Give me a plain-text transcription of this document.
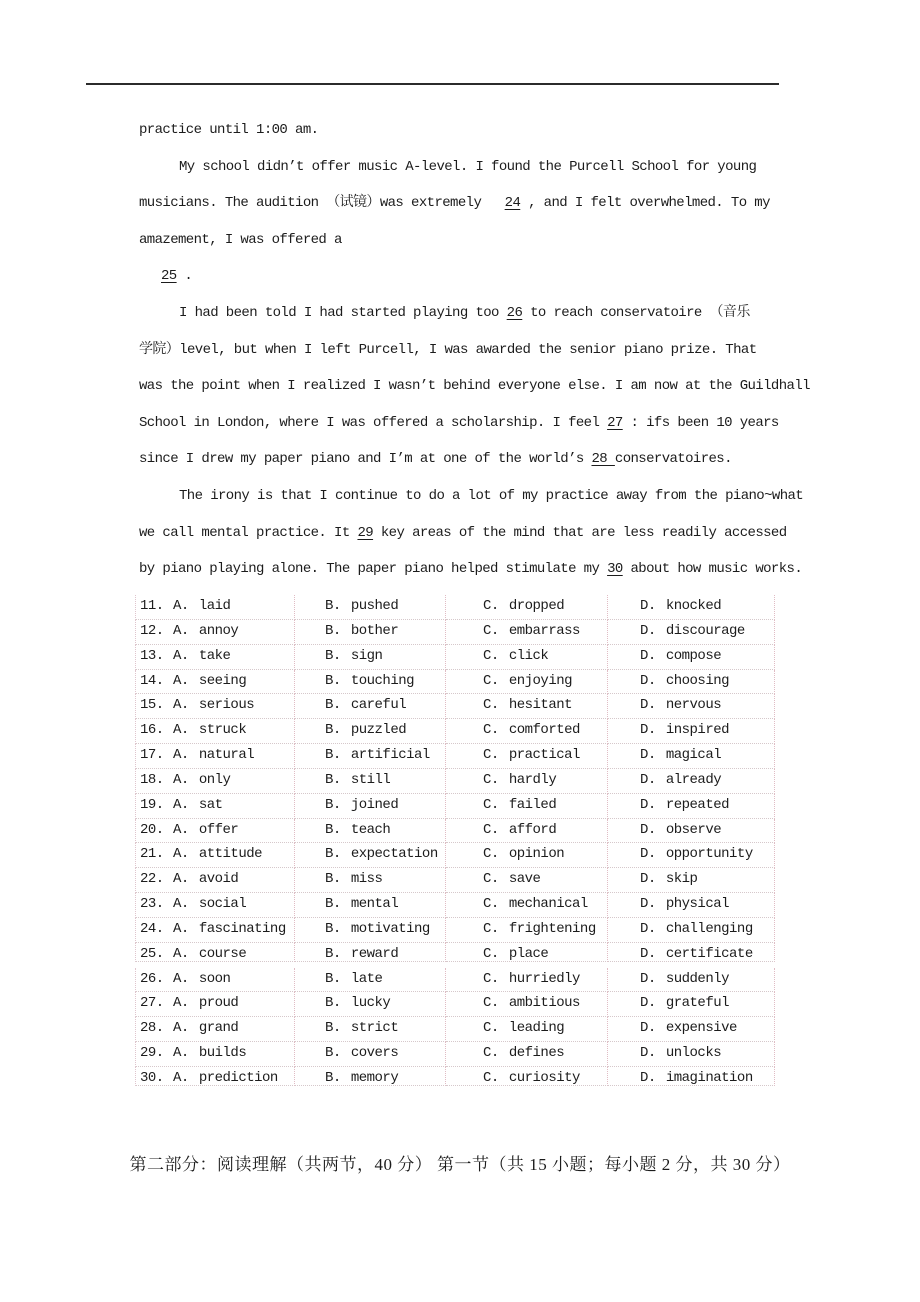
practice until 1:00 am.
My school didn’t offer music A-level. I found the Purcell School for young
musicians. The audition （试镜）was extremely   24 , and I felt overwhelmed. To my
amazement, I was offered a
25 .
I had been told I had started playing too 26 to reach conservatoire （音乐
学院）level, but when I left Purcell, I was awarded the senior piano prize. That
was the point when I realized I wasn’t behind everyone else. I am now at the Guildhall
School in London, where I was offered a scholarship. I feel 27 : ifs been 10 years
since I drew my paper piano and I’m at one of the world’s 28 conservatoires.
The irony is that I continue to do a lot of my practice away from the piano~what
we call mental practice. It 29 key areas of the mind that are less readily accessed
by piano playing alone. The paper piano helped stimulate my 30 about how music works.
11. A. laid	B. pushed	C. dropped	D. knocked
12. A. annoy	B. bother	C. embarrass	D. discourage
13. A. take	B. sign	C. click	D. compose
14. A. seeing	B. touching	C. enjoying	D. choosing
15. A. serious	B. careful	C. hesitant	D. nervous
16. A. struck	B. puzzled	C. comforted	D. inspired
17. A. natural	B. artificial	C. practical	D. magical
18. A. only	B. still	C. hardly	D. already
19. A. sat	B. joined	C. failed	D. repeated
20. A. offer	B. teach	C. afford	D. observe
21. A. attitude	B. expectation	C. opinion	D. opportunity
22. A. avoid	B. miss	C. save	D. skip
23. A. social	B. mental	C. mechanical	D. physical
24. A. fascinating	B. motivating	C. frightening	D. challenging
25. A. course	B. reward	C. place	D. certificate
26. A. soon	B. late	C. hurriedly	D. suddenly
27. A. proud	B. lucky	C. ambitious	D. grateful
28. A. grand	B. strict	C. leading	D. expensive
29. A. builds	B. covers	C. defines	D. unlocks
30. A. prediction	B. memory	C. curiosity	D. imagination
第二部分：阅读理解（共两节，40 分） 第一节（共 15 小题；每小题 2 分，共 30 分）
